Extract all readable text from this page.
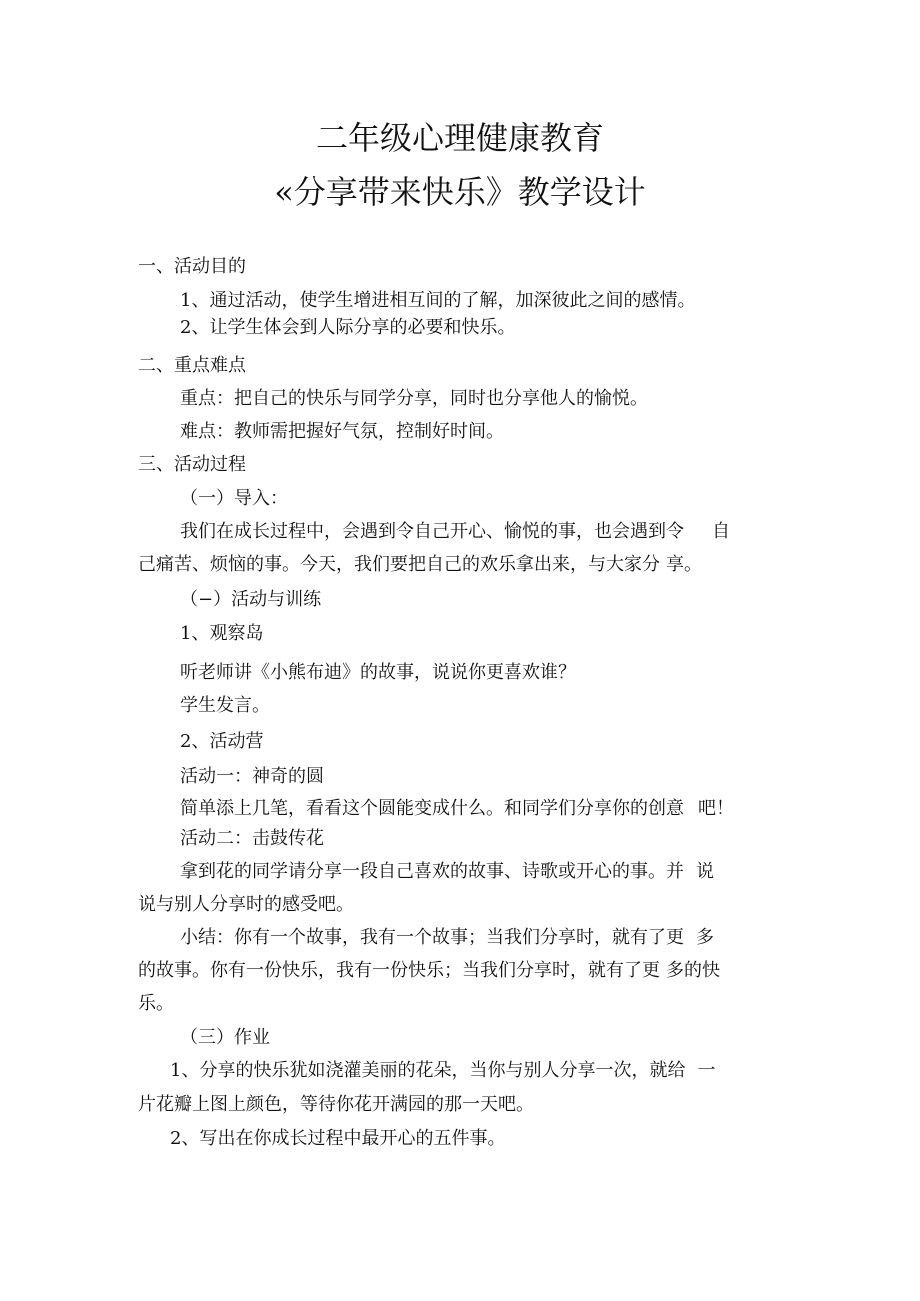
二年级心理健康教育
«分享带来快乐》教学设计
一、活动目的
1、通过活动，使学生增进相互间的了解，加深彼此之间的感情。
2、让学生体会到人际分享的必要和快乐。
二、重点难点
重点：把自己的快乐与同学分享，同时也分享他人的愉悦。
难点：教师需把握好气氛，控制好时间。
三、活动过程
（一）导入：
我们在成长过程中，会遇到令自己开心、愉悦的事，也会遇到令 自
己痛苦、烦恼的事。今天，我们要把自己的欢乐拿出来，与大家分 享。
（−）活动与训练
1、观察岛
听老师讲《小熊布迪》的故事，说说你更喜欢谁？
学生发言。
2、活动营
活动一：神奇的圆
简单添上几笔，看看这个圆能变成什么。和同学们分享你的创意 吧！
活动二：击鼓传花
拿到花的同学请分享一段自己喜欢的故事、诗歌或开心的事。并 说
说与别人分享时的感受吧。
小结：你有一个故事，我有一个故事；当我们分享时，就有了更 多
的故事。你有一份快乐，我有一份快乐；当我们分享时，就有了更 多的快
乐。
（三）作业
1、分享的快乐犹如浇灌美丽的花朵，当你与别人分享一次，就给 一
片花瓣上图上颜色，等待你花开满园的那一天吧。
2、写出在你成长过程中最开心的五件事。
